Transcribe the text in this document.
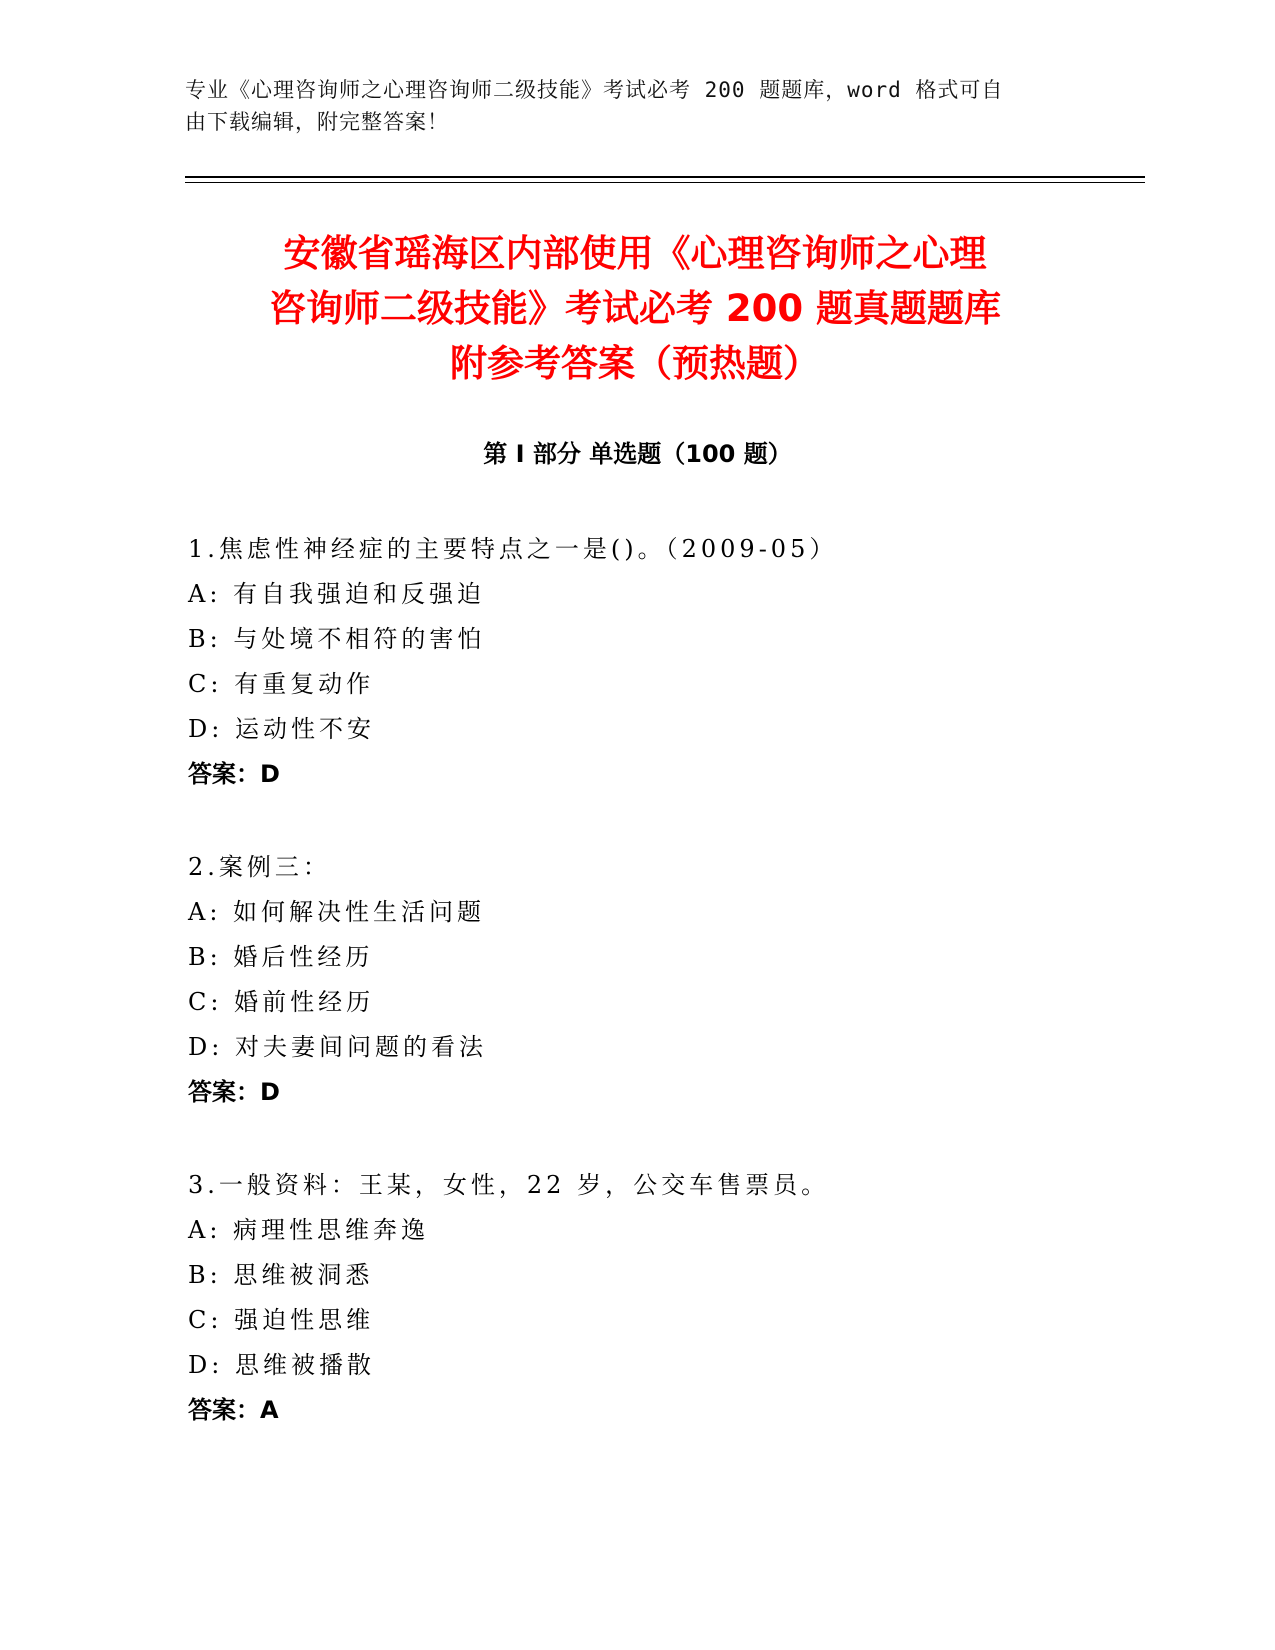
专业《心理咨询师之心理咨询师二级技能》考试必考 200 题题库，word 格式可自
由下载编辑，附完整答案！
安徽省瑶海区内部使用《心理咨询师之心理
咨询师二级技能》考试必考 200 题真题题库
附参考答案（预热题）
第 I 部分 单选题（100 题）
1.焦虑性神经症的主要特点之一是()。（2009-05）
A: 有自我强迫和反强迫
B: 与处境不相符的害怕
C: 有重复动作
D: 运动性不安
答案：D
2.案例三：
A: 如何解决性生活问题
B: 婚后性经历
C: 婚前性经历
D: 对夫妻间问题的看法
答案：D
3.一般资料：王某，女性，22 岁，公交车售票员。
A: 病理性思维奔逸
B: 思维被洞悉
C: 强迫性思维
D: 思维被播散
答案：A
